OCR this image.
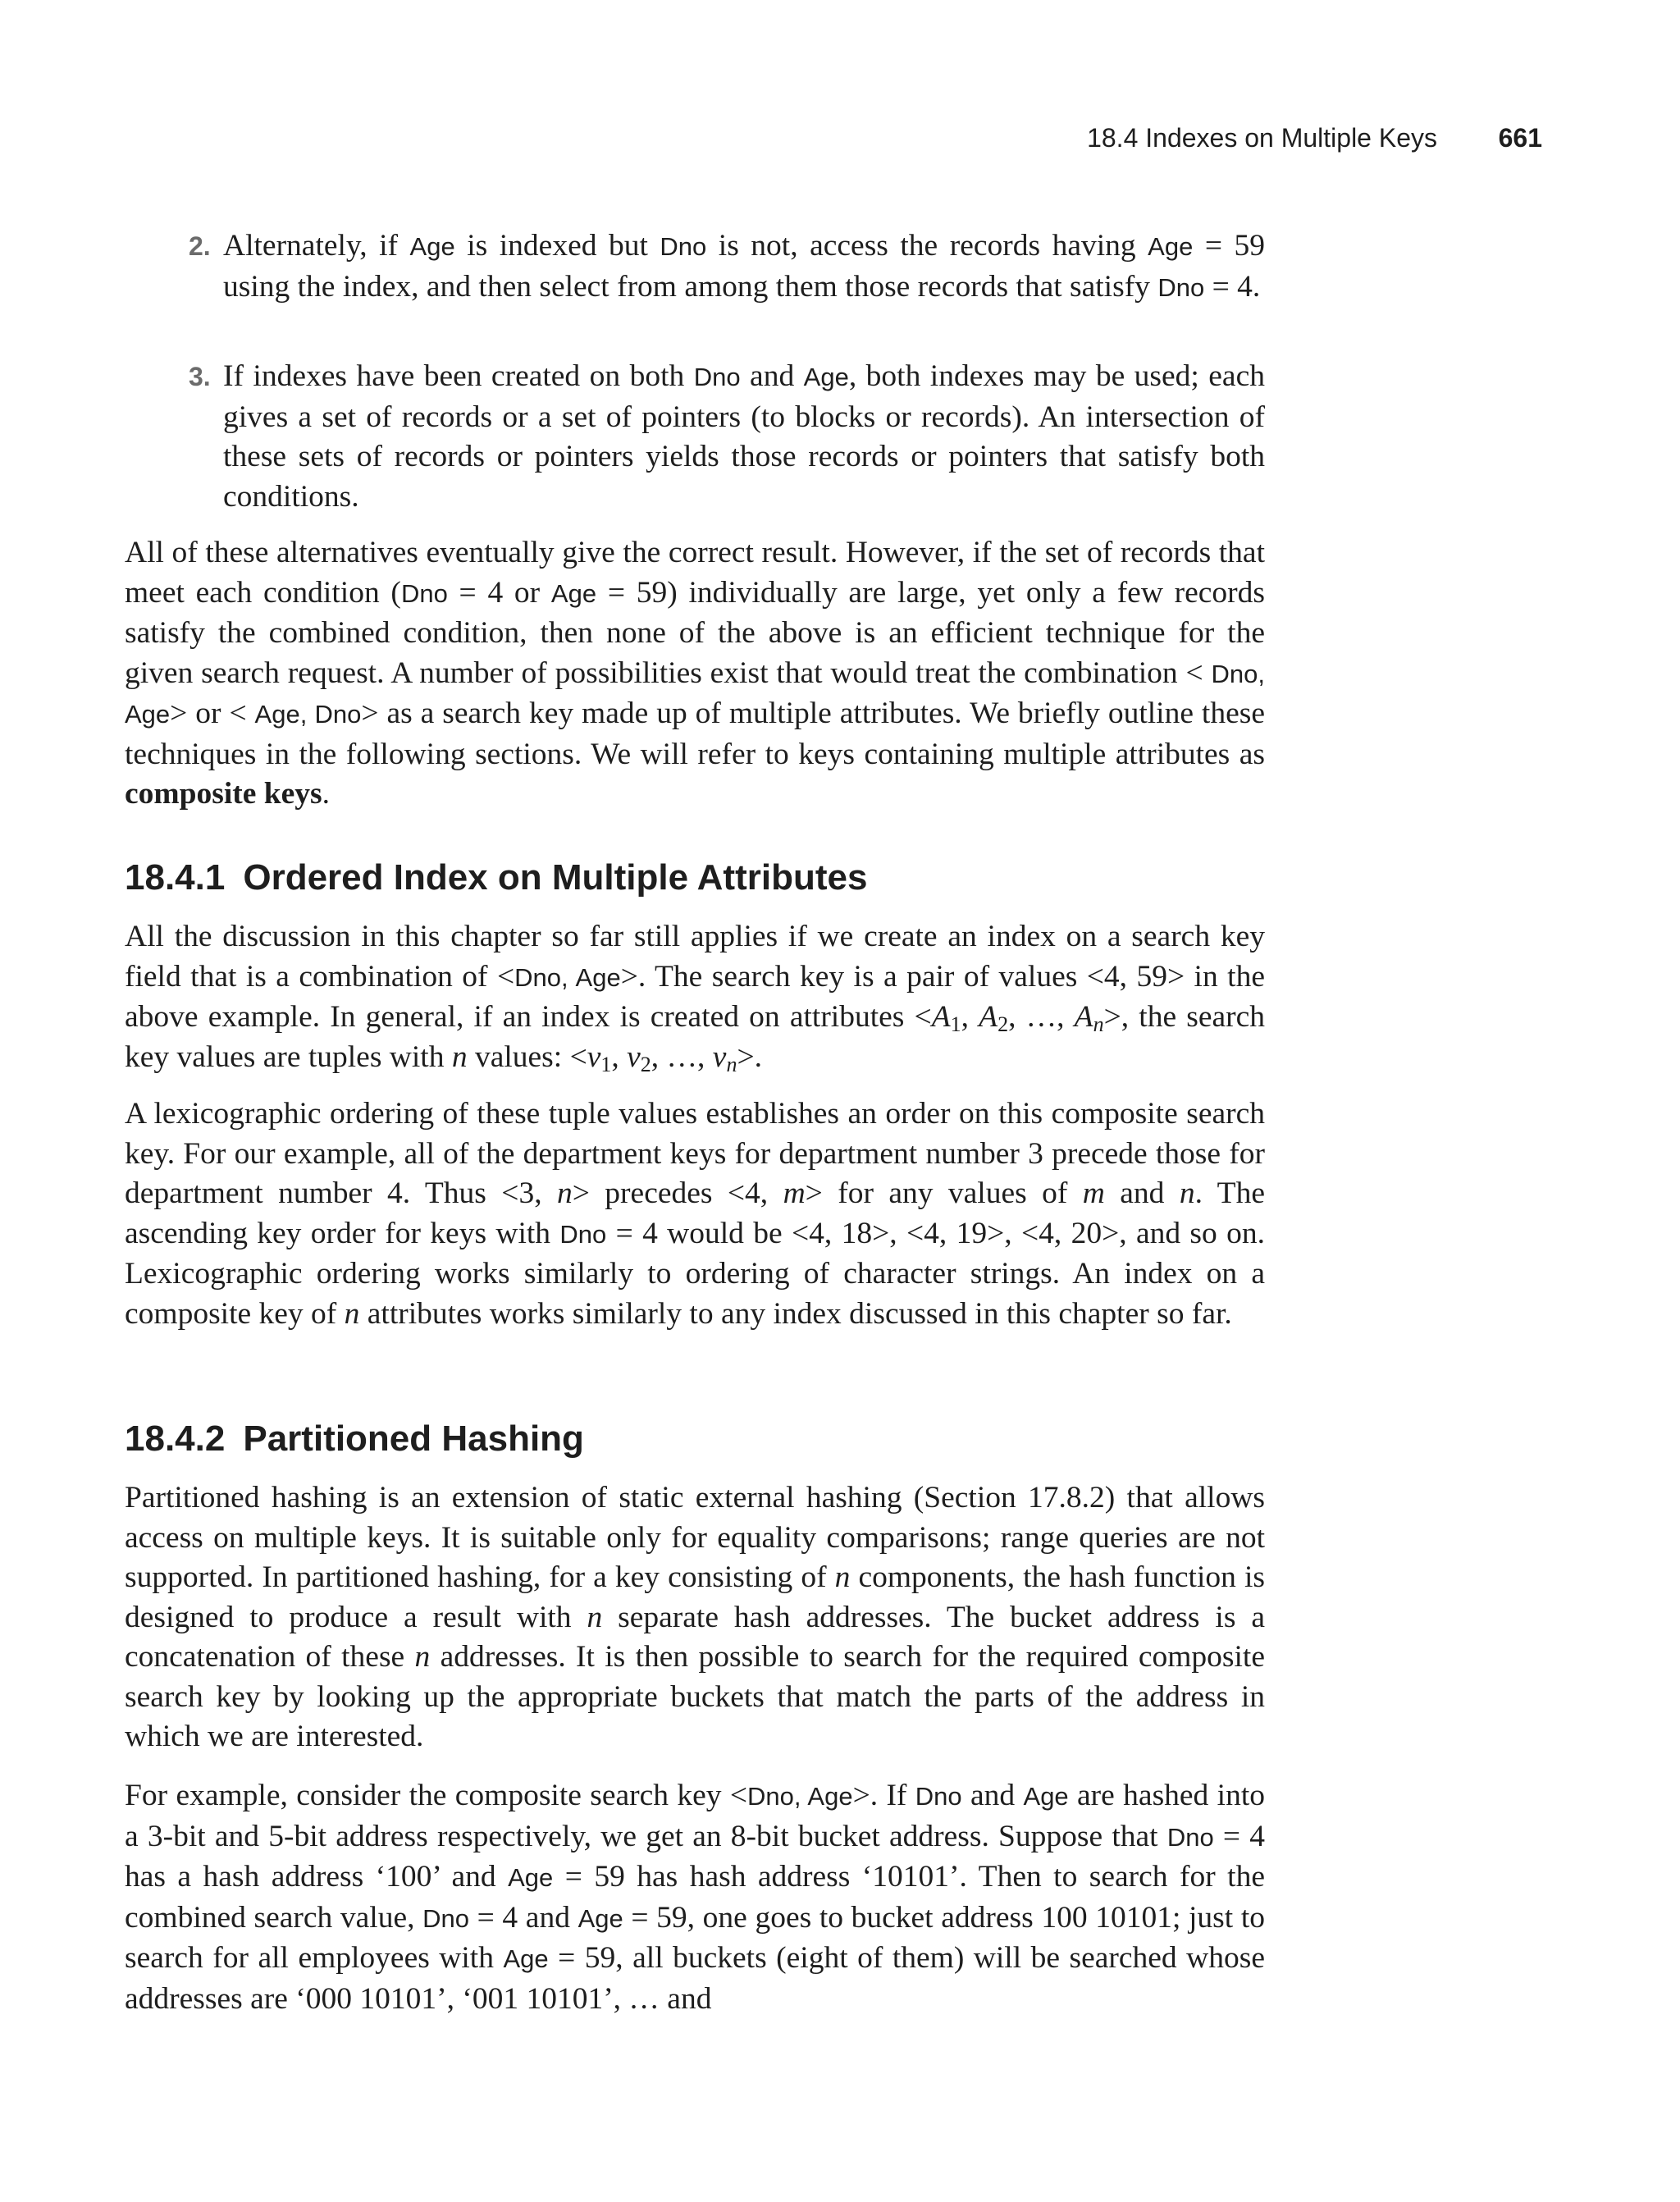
18.4 Indexes on Multiple Keys 661
2. Alternately, if Age is indexed but Dno is not, access the records having Age = 59 using the index, and then select from among them those records that satisfy Dno = 4.
3. If indexes have been created on both Dno and Age, both indexes may be used; each gives a set of records or a set of pointers (to blocks or records). An intersection of these sets of records or pointers yields those records or pointers that satisfy both conditions.

All of these alternatives eventually give the correct result. However, if the set of records that meet each condition (Dno = 4 or Age = 59) individually are large, yet only a few records satisfy the combined condition, then none of the above is an efficient technique for the given search request. A number of possibilities exist that would treat the combination < Dno, Age> or < Age, Dno> as a search key made up of multiple attributes. We briefly outline these techniques in the following sections. We will refer to keys containing multiple attributes as composite keys.

18.4.1 Ordered Index on Multiple Attributes

All the discussion in this chapter so far still applies if we create an index on a search key field that is a combination of <Dno, Age>. The search key is a pair of values <4, 59> in the above example. In general, if an index is created on attributes $<A_1$, $A_2$, …, $A_n>$, the search key values are tuples with n values: $<v_1$, $v_2$, …, $v_n>$.

A lexicographic ordering of these tuple values establishes an order on this composite search key. For our example, all of the department keys for department number 3 precede those for department number 4. Thus <3, n> precedes <4, m> for any values of m and n. The ascending key order for keys with Dno = 4 would be <4, 18>, <4, 19>, <4, 20>, and so on. Lexicographic ordering works similarly to ordering of character strings. An index on a composite key of n attributes works similarly to any index discussed in this chapter so far.

18.4.2 Partitioned Hashing

Partitioned hashing is an extension of static external hashing (Section 17.8.2) that allows access on multiple keys. It is suitable only for equality comparisons; range queries are not supported. In partitioned hashing, for a key consisting of n components, the hash function is designed to produce a result with n separate hash addresses. The bucket address is a concatenation of these n addresses. It is then possible to search for the required composite search key by looking up the appropriate buckets that match the parts of the address in which we are interested.

For example, consider the composite search key <Dno, Age>. If Dno and Age are hashed into a 3-bit and 5-bit address respectively, we get an 8-bit bucket address. Suppose that Dno = 4 has a hash address ‘100’ and Age = 59 has hash address ‘10101’. Then to search for the combined search value, Dno = 4 and Age = 59, one goes to bucket address 100 10101; just to search for all employees with Age = 59, all buckets (eight of them) will be searched whose addresses are ‘000 10101’, ‘001 10101’, … and
